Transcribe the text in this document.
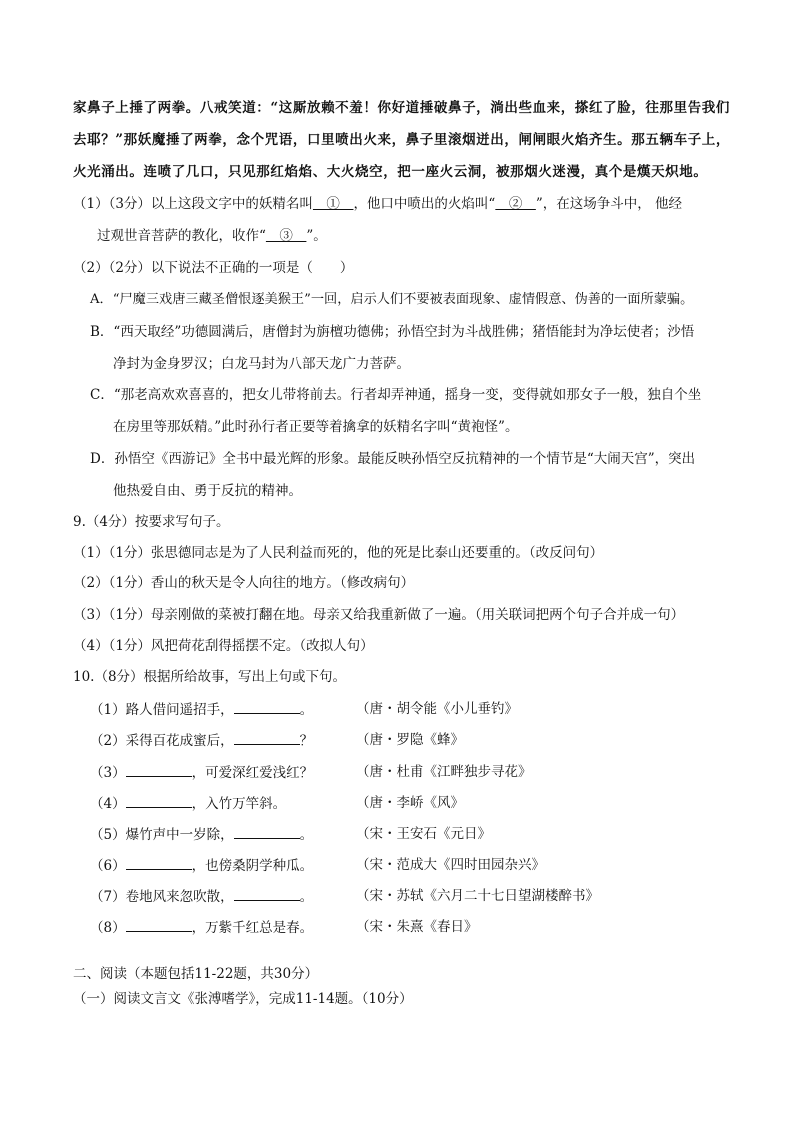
家鼻子上捶了两拳。八戒笑道：“这厮放赖不羞！你好道捶破鼻子，淌出些血来，搽红了脸，往那里告我们
去耶？”那妖魔捶了两拳，念个咒语，口里喷出火来，鼻子里滚烟迸出，闸闸眼火焰齐生。那五辆车子上，
火光涌出。连喷了几口，只见那红焰焰、大火烧空，把一座火云洞，被那烟火迷漫，真个是熯天炽地。
（1）（3分）以上这段文字中的妖精名叫　①　，他口中喷出的火焰叫“　②　”，在这场争斗中， 他经
过观世音菩萨的教化，收作“　③　”。
（2）（2分）以下说法不正确的一项是（　　）
A．“尸魔三戏唐三藏圣僧恨逐美猴王”一回，启示人们不要被表面现象、虚情假意、伪善的一面所蒙骗。
B．“西天取经”功德圆满后，唐僧封为旃檀功德佛；孙悟空封为斗战胜佛；猪悟能封为净坛使者；沙悟
净封为金身罗汉；白龙马封为八部天龙广力菩萨。
C．“那老高欢欢喜喜的，把女儿带将前去。行者却弄神通，摇身一变，变得就如那女子一般，独自个坐
在房里等那妖精。”此时孙行者正要等着擒拿的妖精名字叫“黄袍怪”。
D．孙悟空《西游记》全书中最光辉的形象。最能反映孙悟空反抗精神的一个情节是“大闹天宫”，突出
他热爱自由、勇于反抗的精神。
9.（4分）按要求写句子。
（1）（1分）张思德同志是为了人民利益而死的，他的死是比泰山还要重的。（改反问句）
（2）（1分）香山的秋天是令人向往的地方。（修改病句）
（3）（1分）母亲刚做的菜被打翻在地。母亲又给我重新做了一遍。（用关联词把两个句子合并成一句）
（4）（1分）风把荷花刮得摇摆不定。（改拟人句）
10.（8分）根据所给故事，写出上句或下句。
（1）路人借问遥招手，	。	（唐・胡令能《小儿垂钓》
（2）采得百花成蜜后，	？	（唐・罗隐《蜂》
（3）	，可爱深红爱浅红？	（唐・杜甫《江畔独步寻花》
（4）	，入竹万竿斜。	（唐・李峤《风》
（5）爆竹声中一岁除，	。	（宋・王安石《元日》
（6）	，也傍桑阴学种瓜。	（宋・范成大《四时田园杂兴》
（7）卷地风来忽吹散，	。	（宋・苏轼《六月二十七日望湖楼醉书》
（8）	，万紫千红总是春。	（宋・朱熹《春日》
二、阅读（本题包括11-22题，共30分）
（一）阅读文言文《张溥嗜学》，完成11-14题。（10分）
